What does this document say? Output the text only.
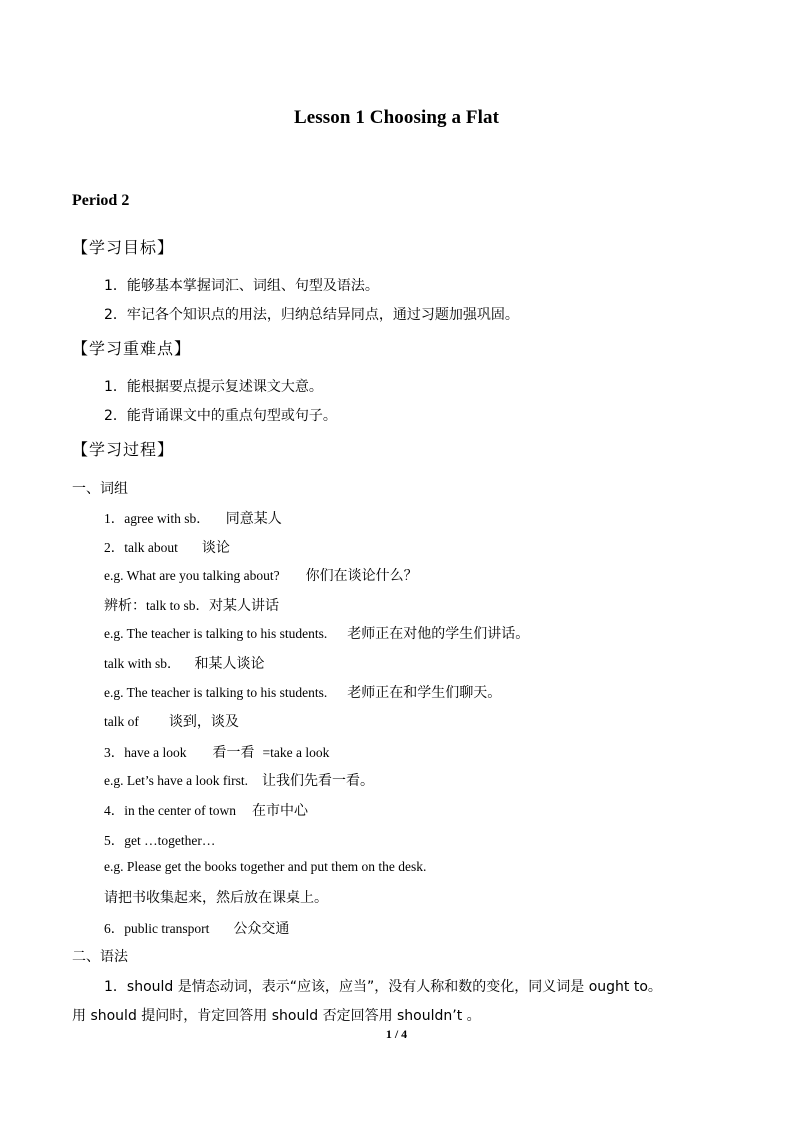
Lesson 1 Choosing a Flat
Period 2
【学习目标】
1．能够基本掌握词汇、词组、句型及语法。
2．牢记各个知识点的用法，归纳总结异同点，通过习题加强巩固。
【学习重难点】
1．能根据要点提示复述课文大意。
2．能背诵课文中的重点句型或句子。
【学习过程】
一、词组
1．agree with sb． 同意某人
2．talk about 谈论
e.g. What are you talking about? 你们在谈论什么？
辨析：talk to sb．对某人讲话
e.g. The teacher is talking to his students. 老师正在对他的学生们讲话。
talk with sb． 和某人谈论
e.g. The teacher is talking to his students. 老师正在和学生们聊天。
talk of 谈到，谈及
3．have a look 看一看 =take a look
e.g. Let’s have a look first. 让我们先看一看。
4．in the center of town 在市中心
5．get …together…
e.g. Please get the books together and put them on the desk.
请把书收集起来，然后放在课桌上。
6．public transport 公众交通
二、语法
1．should 是情态动词，表示“应该，应当”，没有人称和数的变化，同义词是 ought to。
用 should 提问时，肯定回答用 should 否定回答用 shouldn’t 。
1 / 4
